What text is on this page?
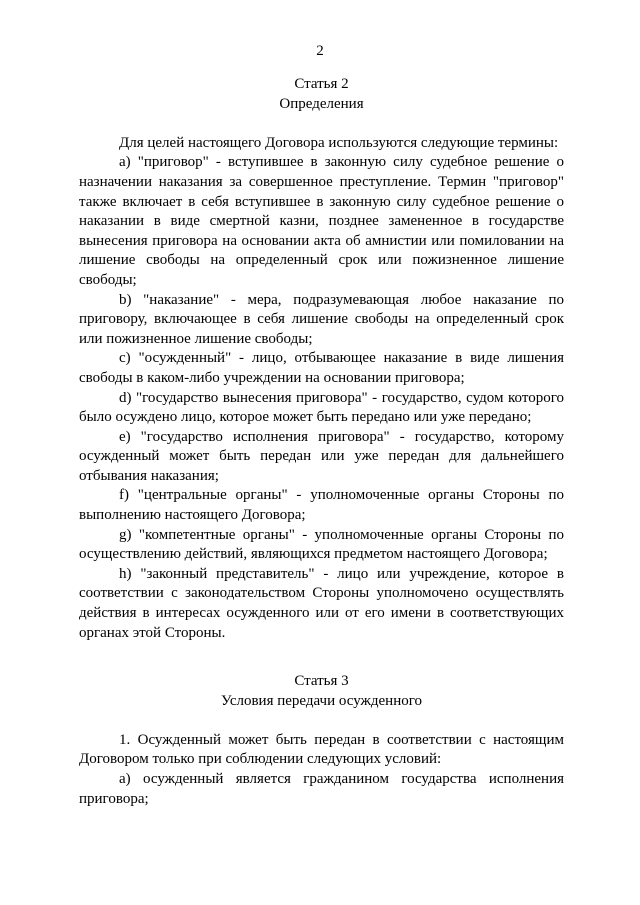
2
Статья 2
Определения

Для целей настоящего Договора используются следующие термины:

а) "приговор" - вступившее в законную силу судебное решение о назначении наказания за совершенное преступление. Термин "приговор" также включает в себя вступившее в законную силу судебное решение о наказании в виде смертной казни, позднее замененное в государстве вынесения приговора на основании акта об амнистии или помиловании на лишение свободы на определенный срок или пожизненное лишение свободы;

b) "наказание" - мера, подразумевающая любое наказание по приговору, включающее в себя лишение свободы на определенный срок или пожизненное лишение свободы;

c) "осужденный" - лицо, отбывающее наказание в виде лишения свободы в каком-либо учреждении на основании приговора;

d) "государство вынесения приговора" - государство, судом которого было осуждено лицо, которое может быть передано или уже передано;

e) "государство исполнения приговора" - государство, которому осужденный может быть передан или уже передан для дальнейшего отбывания наказания;

f) "центральные органы" - уполномоченные органы Стороны по выполнению настоящего Договора;

g) "компетентные органы" - уполномоченные органы Стороны по осуществлению действий, являющихся предметом настоящего Договора;

h) "законный представитель" - лицо или учреждение, которое в соответствии с законодательством Стороны уполномочено осуществлять действия в интересах осужденного или от его имени в соответствующих органах этой Стороны.

Статья 3
Условия передачи осужденного

1. Осужденный может быть передан в соответствии с настоящим Договором только при соблюдении следующих условий:

а) осужденный является гражданином государства исполнения приговора;
